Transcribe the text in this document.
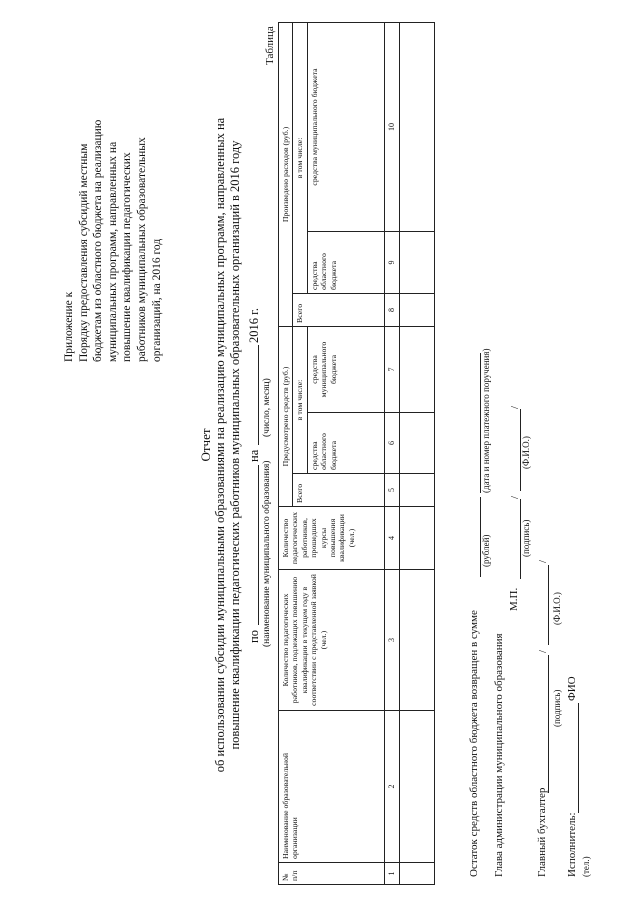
Приложение к Порядку предоставления субсидий местным бюджетам из областного бюджета на реализацию муниципальных программ, направленных на повышение квалификации педагогических работников муниципальных образовательных организаций, на 2016 год
Отчет об использовании субсидии муниципальными образованиями на реализацию муниципальных программ, направленных на повышение квалификации педагогических работников муниципальных образовательных организаций в 2016 году по
на
2016 г.
(наименование муниципального образования)
(число, месяц)
Таблица
№ п/п	Наименование образовательной организации	Количество педагогических работников, подлежащих повышению квалификации в текущем году в соответствии с представленной заявкой (чел.)	Количество педагогических работников, прошедших курсы повышения квалификации (чел.)	Предусмотрено средств (руб.)			Произведено расходов (руб.)		
				Всего	в том числе:		Всего	в том числе:	
					средства областного бюджета	средства муниципального бюджета		средства областного бюджета	средства муниципального бюджета
1	2	3	4	5	6	7	8	9	10

Остаток средств областного бюджета возвращен в сумме
(рублей)
(дата и номер платежного поручения)
Глава администрации муниципального образования
М.П.
/
/
(подпись)
(Ф.И.О.)
Главный бухгалтер
/
/
(подпись)
(Ф.И.О.)
Исполнитель:
ФИО
(тел.)
